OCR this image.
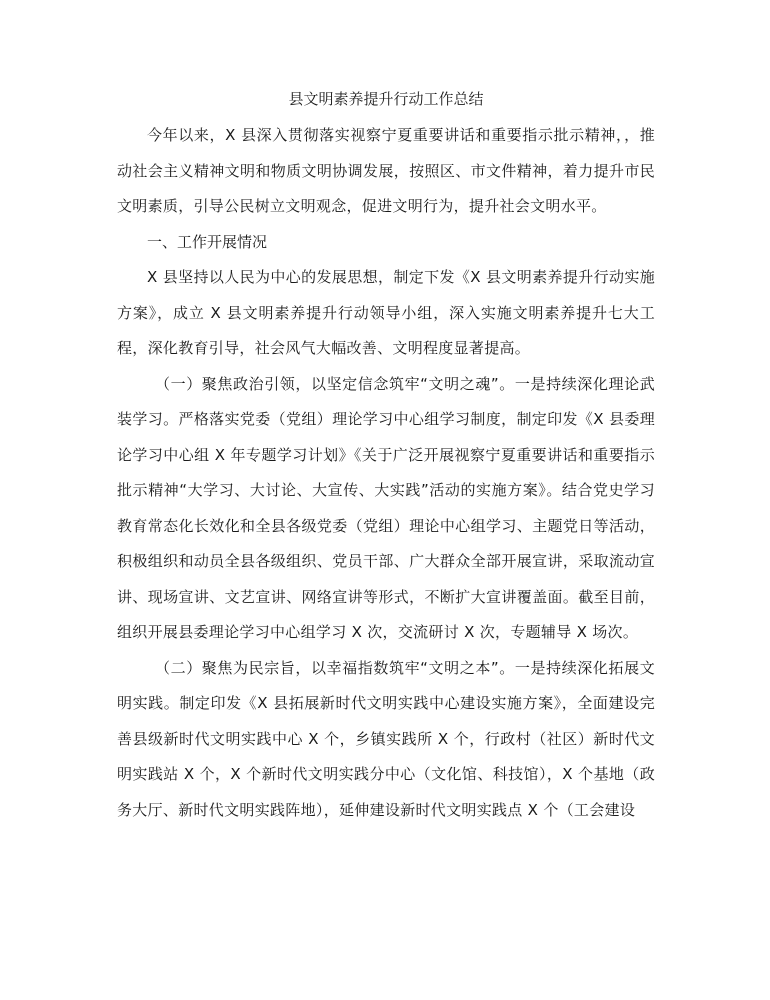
县文明素养提升行动工作总结

今年以来，X 县深入贯彻落实视察宁夏重要讲话和重要指示批示精神，，推动社会主义精神文明和物质文明协调发展，按照区、市文件精神，着力提升市民文明素质，引导公民树立文明观念，促进文明行为，提升社会文明水平。

一、工作开展情况

X 县坚持以人民为中心的发展思想，制定下发《X 县文明素养提升行动实施方案》，成立 X 县文明素养提升行动领导小组，深入实施文明素养提升七大工程，深化教育引导，社会风气大幅改善、文明程度显著提高。

（一）聚焦政治引领，以坚定信念筑牢“文明之魂”。一是持续深化理论武装学习。严格落实党委（党组）理论学习中心组学习制度，制定印发《X 县委理论学习中心组 X 年专题学习计划》《关于广泛开展视察宁夏重要讲话和重要指示批示精神“大学习、大讨论、大宣传、大实践”活动的实施方案》。结合党史学习教育常态化长效化和全县各级党委（党组）理论中心组学习、主题党日等活动，积极组织和动员全县各级组织、党员干部、广大群众全部开展宣讲，采取流动宣讲、现场宣讲、文艺宣讲、网络宣讲等形式，不断扩大宣讲覆盖面。截至目前，组织开展县委理论学习中心组学习 X 次，交流研讨 X 次，专题辅导 X 场次。

（二）聚焦为民宗旨，以幸福指数筑牢“文明之本”。一是持续深化拓展文明实践。制定印发《X 县拓展新时代文明实践中心建设实施方案》，全面建设完善县级新时代文明实践中心 X 个，乡镇实践所 X 个，行政村（社区）新时代文明实践站 X 个，X 个新时代文明实践分中心（文化馆、科技馆），X 个基地（政务大厅、新时代文明实践阵地），延伸建设新时代文明实践点 X 个（工会建设
